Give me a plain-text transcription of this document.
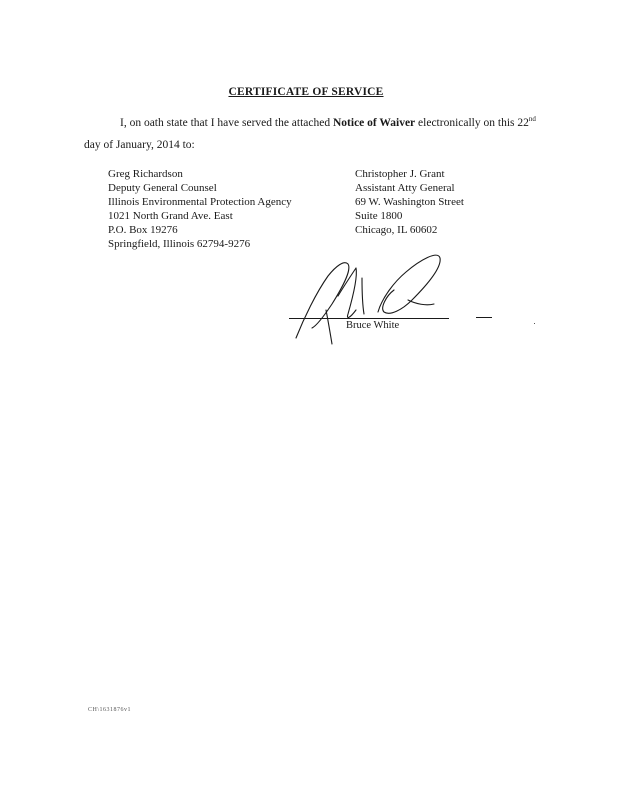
CERTIFICATE OF SERVICE
I, on oath state that I have served the attached Notice of Waiver electronically on this 22nd day of January, 2014 to:
Greg Richardson
Deputy General Counsel
Illinois Environmental Protection Agency
1021 North Grand Ave. East
P.O. Box 19276
Springfield, Illinois 62794-9276
Christopher J. Grant
Assistant Atty General
69 W. Washington Street
Suite 1800
Chicago, IL 60602
Bruce White
CH\1631876v1
